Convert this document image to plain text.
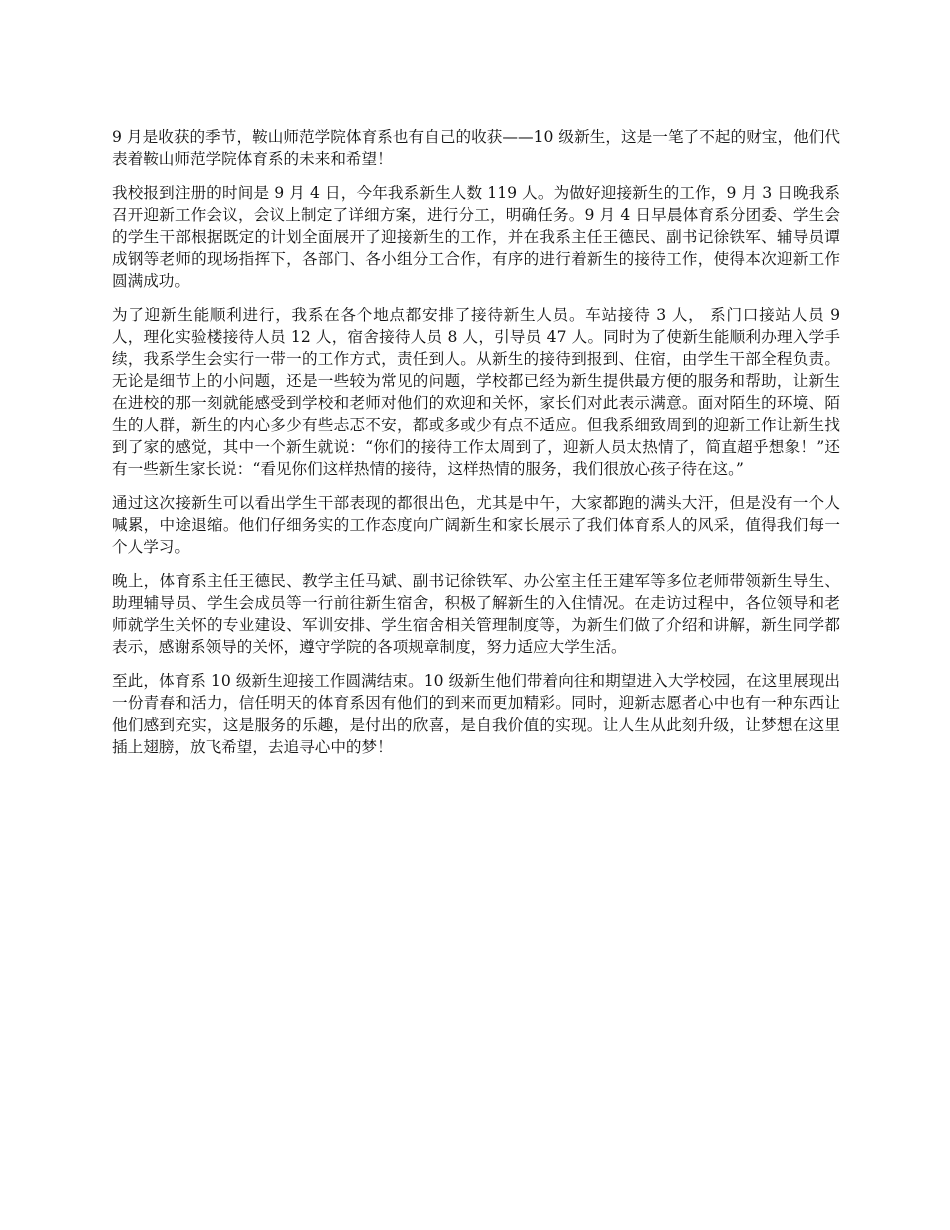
9 月是收获的季节，鞍山师范学院体育系也有自己的收获——10 级新生，这是一笔了不起的财宝，他们代表着鞍山师范学院体育系的未来和希望！

我校报到注册的时间是 9 月 4 日，今年我系新生人数 119 人。为做好迎接新生的工作，9 月 3 日晚我系召开迎新工作会议，会议上制定了详细方案，进行分工，明确任务。9 月 4 日早晨体育系分团委、学生会的学生干部根据既定的计划全面展开了迎接新生的工作，并在我系主任王德民、副书记徐铁军、辅导员谭成钢等老师的现场指挥下，各部门、各小组分工合作，有序的进行着新生的接待工作，使得本次迎新工作圆满成功。

为了迎新生能顺利进行，我系在各个地点都安排了接待新生人员。车站接待 3 人， 系门口接站人员 9 人，理化实验楼接待人员 12 人，宿舍接待人员 8 人，引导员 47 人。同时为了使新生能顺利办理入学手续，我系学生会实行一带一的工作方式，责任到人。从新生的接待到报到、住宿，由学生干部全程负责。无论是细节上的小问题，还是一些较为常见的问题，学校都已经为新生提供最方便的服务和帮助，让新生在进校的那一刻就能感受到学校和老师对他们的欢迎和关怀，家长们对此表示满意。面对陌生的环境、陌生的人群，新生的内心多少有些忐忑不安，都或多或少有点不适应。但我系细致周到的迎新工作让新生找到了家的感觉，其中一个新生就说：“你们的接待工作太周到了，迎新人员太热情了，简直超乎想象！”还有一些新生家长说：“看见你们这样热情的接待，这样热情的服务，我们很放心孩子待在这。”

通过这次接新生可以看出学生干部表现的都很出色，尤其是中午，大家都跑的满头大汗，但是没有一个人喊累，中途退缩。他们仔细务实的工作态度向广阔新生和家长展示了我们体育系人的风采，值得我们每一个人学习。

晚上，体育系主任王德民、教学主任马斌、副书记徐铁军、办公室主任王建军等多位老师带领新生导生、助理辅导员、学生会成员等一行前往新生宿舍，积极了解新生的入住情况。在走访过程中，各位领导和老师就学生关怀的专业建设、军训安排、学生宿舍相关管理制度等，为新生们做了介绍和讲解，新生同学都表示，感谢系领导的关怀，遵守学院的各项规章制度，努力适应大学生活。

至此，体育系 10 级新生迎接工作圆满结束。10 级新生他们带着向往和期望进入大学校园，在这里展现出一份青春和活力，信任明天的体育系因有他们的到来而更加精彩。同时，迎新志愿者心中也有一种东西让他们感到充实，这是服务的乐趣，是付出的欣喜，是自我价值的实现。让人生从此刻升级，让梦想在这里插上翅膀，放飞希望，去追寻心中的梦！
